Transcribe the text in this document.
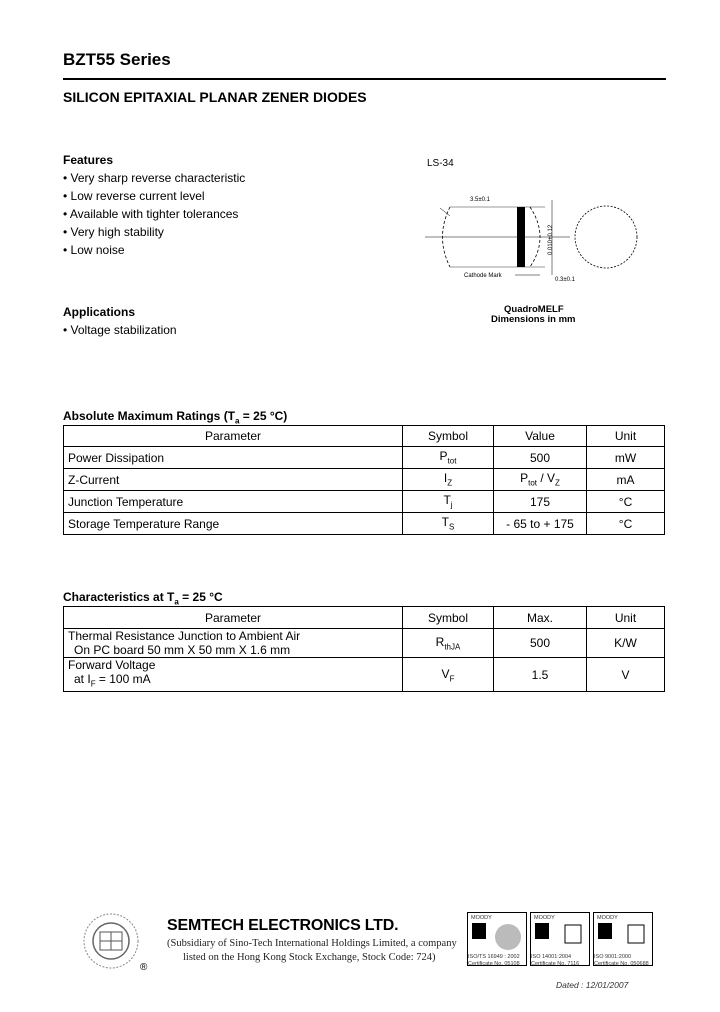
BZT55 Series
SILICON EPITAXIAL PLANAR ZENER DIODES
Features
• Very sharp reverse characteristic
• Low reverse current level
• Available with tighter tolerances
• Very high stability
• Low noise
Applications
• Voltage stabilization
LS-34
3.5±0.1
0.010+0.12
0.3±0.1
Cathode Mark
QuadroMELF
Dimensions in mm
Absolute Maximum Ratings ($T_a = 25$ °C)
Parameter	Symbol	Value	Unit
Power Dissipation	$P_{tot}$	500	mW
Z-Current	$I_Z$	$P_{tot} / V_Z$	mA
Junction Temperature	$T_j$	175	°C
Storage Temperature Range	$T_S$	- 65 to + 175	°C
Characteristics at $T_a = 25$ °C
Parameter	Symbol	Max.	Unit

Thermal Resistance Junction to Ambient Air
On PC board 50 mm X 50 mm X 1.6 mm	$R_{thJA}$	500	K/W

Forward Voltage
at $I_F = 100$ mA	$V_F$	1.5	V
®
SEMTECH ELECTRONICS LTD.
(Subsidiary of Sino-Tech International Holdings Limited, a company
listed on the Hong Kong Stock Exchange, Stock Code: 724)
MOODY	MOODY	MOODY
ISO/TS 16949 : 2002
Certificate No. 05108
ISO 14001:2004
Certificate No. 7116
ISO 9001:2000
Certificate No. 050688
Dated : 12/01/2007
